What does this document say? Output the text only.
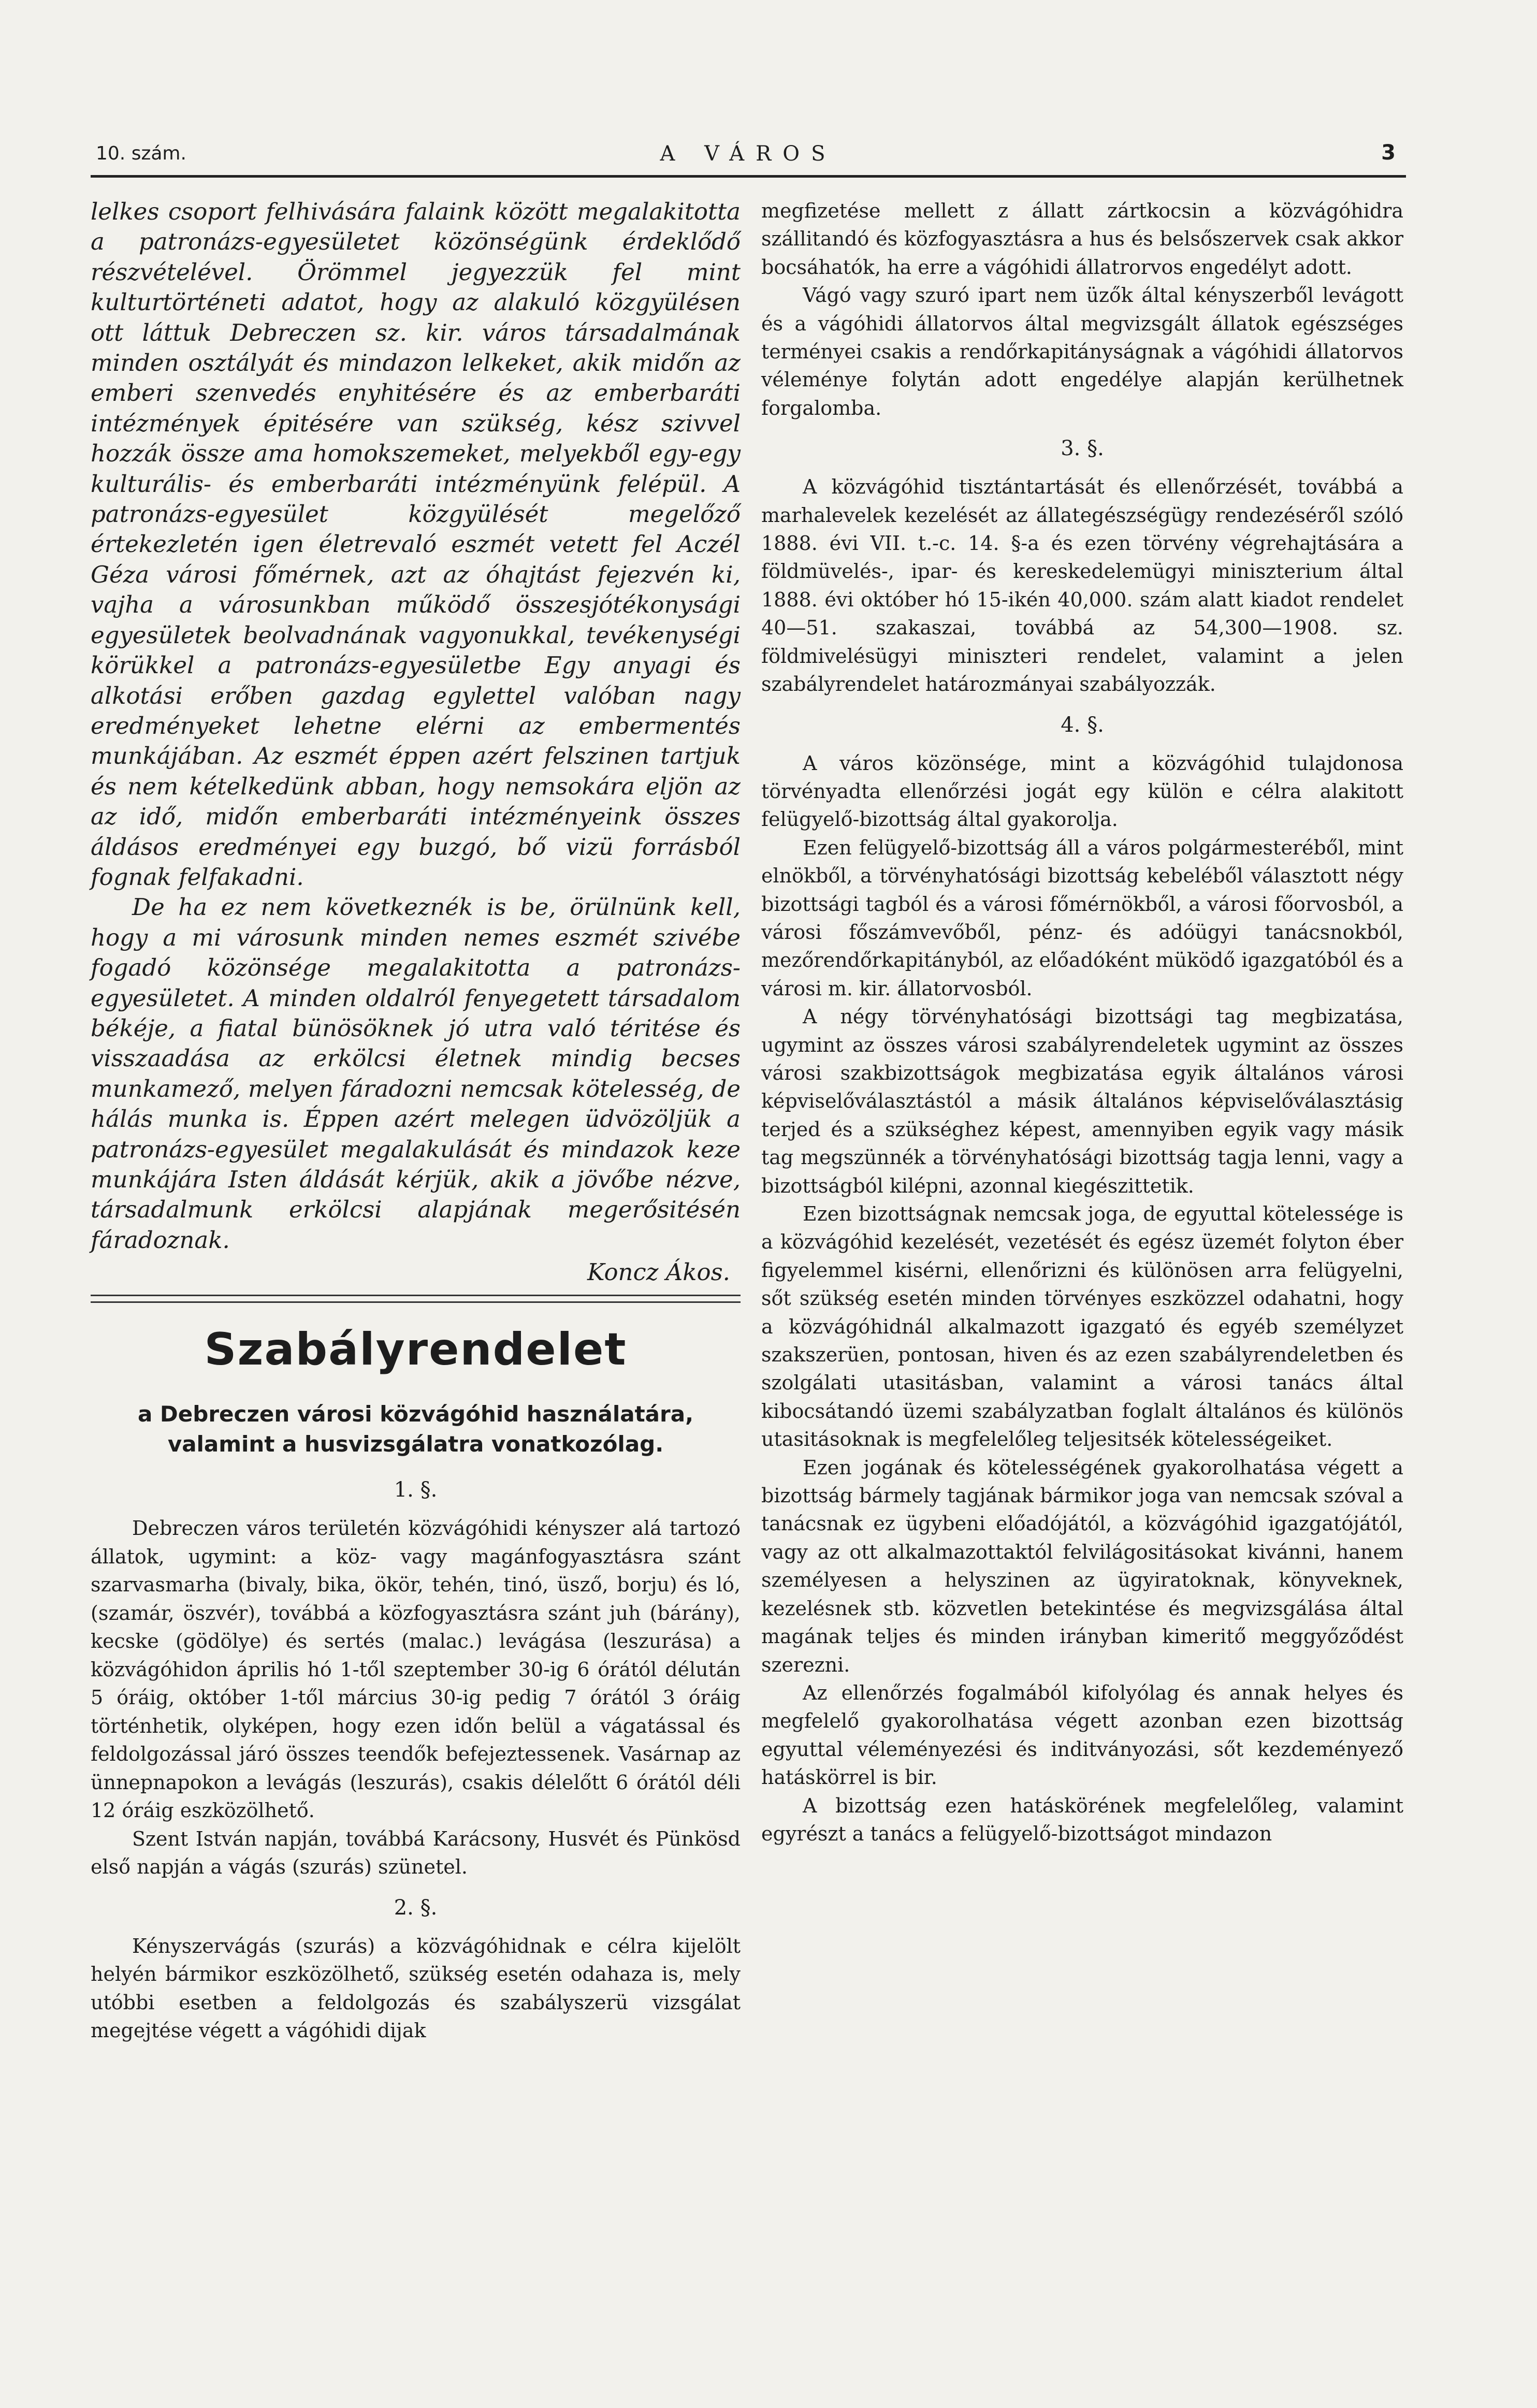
10. szám.	A VÁROS	3

lelkes csoport felhivására falaink között megalakitotta a patronázs-egyesületet közönségünk érdeklődő részvételével. Örömmel jegyezzük fel mint kulturtörténeti adatot, hogy az alakuló közgyülésen ott láttuk Debreczen sz. kir. város társadalmának minden osztályát és mindazon lelkeket, akik midőn az emberi szenvedés enyhitésére és az emberbaráti intézmények épitésére van szükség, kész szivvel hozzák össze ama homokszemeket, melyekből egy-egy kulturális- és emberbaráti intézményünk felépül. A patronázs-egyesület közgyülését megelőző értekezletén igen életrevaló eszmét vetett fel Aczél Géza városi főmérnek, azt az óhajtást fejezvén ki, vajha a városunkban működő összesjótékonysági egyesületek beolvadnának vagyonukkal, tevékenységi körükkel a patronázs-egyesületbe Egy anyagi és alkotási erőben gazdag egylettel valóban nagy eredményeket lehetne elérni az embermentés munkájában. Az eszmét éppen azért felszinen tartjuk és nem kételkedünk abban, hogy nemsokára eljön az az idő, midőn emberbaráti intézményeink összes áldásos eredményei egy buzgó, bő vizü forrásból fognak felfakadni.

De ha ez nem következnék is be, örülnünk kell, hogy a mi városunk minden nemes eszmét szivébe fogadó közönsége megalakitotta a patronázs-egyesületet. A minden oldalról fenyegetett társadalom békéje, a fiatal bünösöknek jó utra való téritése és visszaadása az erkölcsi életnek mindig becses munkamező, melyen fáradozni nemcsak kötelesség, de hálás munka is. Éppen azért melegen üdvözöljük a patronázs-egyesület megalakulását és mindazok keze munkájára Isten áldását kérjük, akik a jövőbe nézve, társadalmunk erkölcsi alapjának megerősitésén fáradoznak.

Koncz Ákos.
Szabályrendelet
a Debreczen városi közvágóhid használatára, valamint a husvizsgálatra vonatkozólag.
1. §.

Debreczen város területén közvágóhidi kényszer alá tartozó állatok, ugymint: a köz- vagy magánfogyasztásra szánt szarvasmarha (bivaly, bika, ökör, tehén, tinó, üsző, borju) és ló, (szamár, öszvér), továbbá a közfogyasztásra szánt juh (bárány), kecske (gödölye) és sertés (malac.) levágása (leszurása) a közvágóhidon április hó 1-től szeptember 30-ig 6 órától délután 5 óráig, október 1-től március 30-ig pedig 7 órától 3 óráig történhetik, olyképen, hogy ezen időn belül a vágatással és feldolgozással járó összes teendők befejeztessenek. Vasárnap az ünnepnapokon a levágás (leszurás), csakis délelőtt 6 órától déli 12 óráig eszközölhető.

Szent István napján, továbbá Karácsony, Husvét és Pünkösd első napján a vágás (szurás) szünetel.

2. §.

Kényszervágás (szurás) a közvágóhidnak e célra kijelölt helyén bármikor eszközölhető, szükség esetén odahaza is, mely utóbbi esetben a feldolgozás és szabályszerü vizsgálat megejtése végett a vágóhidi dijak

megfizetése mellett z állatt zártkocsin a közvágóhidra szállitandó és közfogyasztásra a hus és belsőszervek csak akkor bocsáhatók, ha erre a vágóhidi állatrorvos engedélyt adott.

Vágó vagy szuró ipart nem üzők által kényszerből levágott és a vágóhidi állatorvos által megvizsgált állatok egészséges terményei csakis a rendőrkapitányságnak a vágóhidi állatorvos véleménye folytán adott engedélye alapján kerülhetnek forgalomba.

3. §.

A közvágóhid tisztántartását és ellenőrzését, továbbá a marhalevelek kezelését az állategészségügy rendezéséről szóló 1888. évi VII. t.-c. 14. §-a és ezen törvény végrehajtására a földmüvelés-, ipar- és kereskedelemügyi miniszterium által 1888. évi október hó 15-ikén 40,000. szám alatt kiadot rendelet 40—51. szakaszai, továbbá az 54,300—1908. sz. földmivelésügyi miniszteri rendelet, valamint a jelen szabályrendelet határozmányai szabályozzák.

4. §.

A város közönsége, mint a közvágóhid tulajdonosa törvényadta ellenőrzési jogát egy külön e célra alakitott felügyelő-bizottság által gyakorolja.

Ezen felügyelő-bizottság áll a város polgármesteréből, mint elnökből, a törvényhatósági bizottság kebeléből választott négy bizottsági tagból és a városi főmérnökből, a városi főorvosból, a városi főszámvevőből, pénz- és adóügyi tanácsnokból, mezőrendőrkapitányból, az előadóként müködő igazgatóból és a városi m. kir. állatorvosból.

A négy törvényhatósági bizottsági tag megbizatása, ugymint az összes városi szabályrendeletek ugymint az összes városi szakbizottságok megbizatása egyik általános városi képviselőválasztástól a másik általános képviselőválasztásig terjed és a szükséghez képest, amennyiben egyik vagy másik tag megszünnék a törvényhatósági bizottság tagja lenni, vagy a bizottságból kilépni, azonnal kiegészittetik.

Ezen bizottságnak nemcsak joga, de egyuttal kötelessége is a közvágóhid kezelését, vezetését és egész üzemét folyton éber figyelemmel kisérni, ellenőrizni és különösen arra felügyelni, sőt szükség esetén minden törvényes eszközzel odahatni, hogy a közvágóhidnál alkalmazott igazgató és egyéb személyzet szakszerüen, pontosan, hiven és az ezen szabályrendeletben és szolgálati utasitásban, valamint a városi tanács által kibocsátandó üzemi szabályzatban foglalt általános és különös utasitásoknak is megfelelőleg teljesitsék kötelességeiket.

Ezen jogának és kötelességének gyakorolhatása végett a bizottság bármely tagjának bármikor joga van nemcsak szóval a tanácsnak ez ügybeni előadójától, a közvágóhid igazgatójától, vagy az ott alkalmazottaktól felvilágositásokat kivánni, hanem személyesen a helyszinen az ügyiratoknak, könyveknek, kezelésnek stb. közvetlen betekintése és megvizsgálása által magának teljes és minden irányban kimeritő meggyőződést szerezni.

Az ellenőrzés fogalmából kifolyólag és annak helyes és megfelelő gyakorolhatása végett azonban ezen bizottság egyuttal véleményezési és inditványozási, sőt kezdeményező hatáskörrel is bir.

A bizottság ezen hatáskörének megfelelőleg, valamint egyrészt a tanács a felügyelő-bizottságot mindazon
